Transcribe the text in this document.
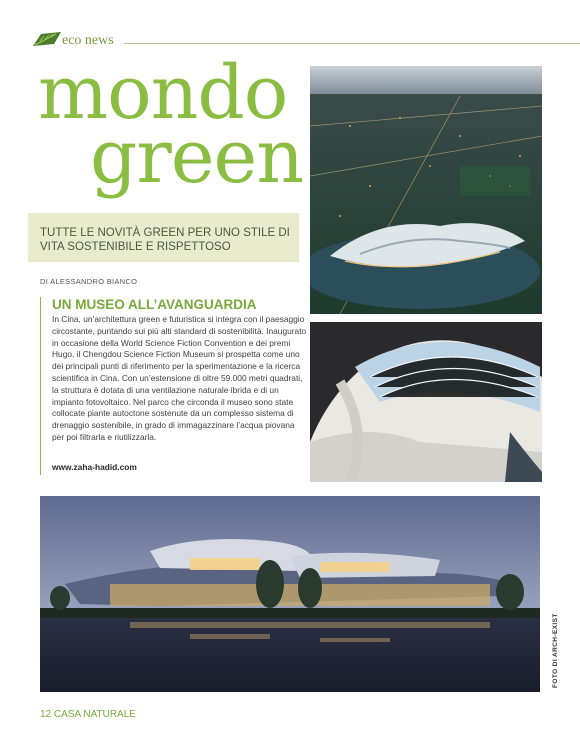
eco news
mondo
green
TUTTE LE NOVITÀ GREEN PER UNO STILE DI VITA SOSTENIBILE E RISPETTOSO
DI ALESSANDRO BIANCO
UN MUSEO ALL’AVANGUARDIA
In Cina, un’architettura green e futuristica si integra con il paesaggio circostante, puntando sui più alti standard di sostenibilità. Inaugurato in occasione della World Science Fiction Convention e dei premi Hugo, il Chengdou Science Fiction Museum si prospetta come uno dei principali punti di riferimento per la sperimentazione e la ricerca scientifica in Cina. Con un’estensione di oltre 59.000 metri quadrati, la struttura è dotata di una ventilazione naturale ibrida e di un impianto fotovoltaico. Nel parco che circonda il museo sono state collocate piante autoctone sostenute da un complesso sistema di drenaggio sostenibile, in grado di immagazzinare l’acqua piovana per poi filtrarla e riutilizzarla.
www.zaha-hadid.com
FOTO DI ARCH-EXIST
12 CASA NATURALE
